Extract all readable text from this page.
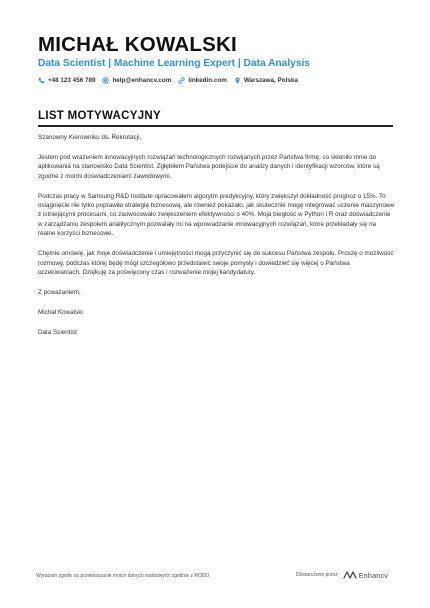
MICHAŁ KOWALSKI
Data Scientist | Machine Learning Expert | Data Analysis
+48 123 456 789	help@enhancv.com	linkedin.com	Warszawa, Polska
LIST MOTYWACYJNY

Szanowny Kierowniku ds. Rekrutacji,

Jestem pod wrażeniem innowacyjnych rozwiązań technologicznych rozwijanych przez Państwa firmę, co skłoniło mnie do aplikowania na stanowisko Data Scientist. Zgłębiłem Państwa podejście do analizy danych i identyfikacji wzorców, które są zgodne z moimi doświadczeniami zawodowymi.

Podczas pracy w Samsung R&D Institute opracowałem algorytm predykcyjny, który zwiększył dokładność prognoz o 15%. To osiągnięcie nie tylko poprawiło strategię biznesową, ale również pokazało, jak skutecznie mogę integrować uczenie maszynowe z istniejącymi procesami, co zaowocowało zwiększeniem efektywności o 40%. Moja biegłość w Python i R oraz doświadczenie w zarządzaniu zespołem analitycznym pozwalały mi na wprowadzanie innowacyjnych rozwiązań, które przekładały się na realne korzyści biznesowe.

Chętnie omówię, jak moje doświadczenie i umiejętności mogą przyczynić się do sukcesu Państwa zespołu. Proszę o możliwość rozmowy, podczas której będę mógł szczegółowo przedstawić swoje pomysły i dowiedzieć się więcej o Państwa oczekiwaniach. Dziękuję za poświęcony czas i rozważenie mojej kandydatury.

Z poważaniem,

Michał Kowalski

Data Scientist

Wyrażam zgodę na przetwarzanie moich danych osobowych zgodnie z RODO	Dostarczone przez	Enhancv
